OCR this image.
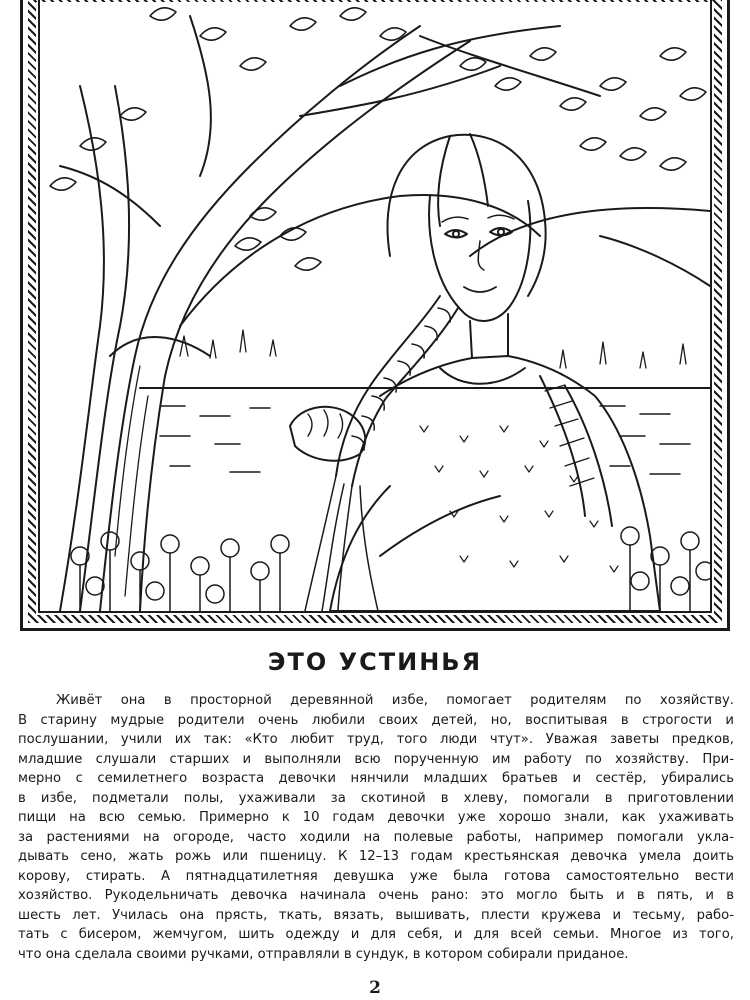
ЭТО УСТИНЬЯ
Живёт она в просторной деревянной избе, помогает родителям по хозяйству.
В старину мудрые родители очень любили своих детей, но, воспитывая в строгости и
послушании, учили их так: «Кто любит труд, того люди чтут». Уважая заветы предков,
младшие слушали старших и выполняли всю порученную им работу по хозяйству. При-
мерно с семилетнего возраста девочки нянчили младших братьев и сестёр, убирались
в избе, подметали полы, ухаживали за скотиной в хлеву, помогали в приготовлении
пищи на всю семью. Примерно к 10 годам девочки уже хорошо знали, как ухаживать
за растениями на огороде, часто ходили на полевые работы, например помогали укла-
дывать сено, жать рожь или пшеницу. К 12–13 годам крестьянская девочка умела доить
корову, стирать. А пятнадцатилетняя девушка уже была готова самостоятельно вести
хозяйство. Рукодельничать девочка начинала очень рано: это могло быть и в пять, и в
шесть лет. Училась она прясть, ткать, вязать, вышивать, плести кружева и тесьму, рабо-
тать с бисером, жемчугом, шить одежду и для себя, и для всей семьи. Многое из того,
что она сделала своими ручками, отправляли в сундук, в котором собирали приданое.
2
